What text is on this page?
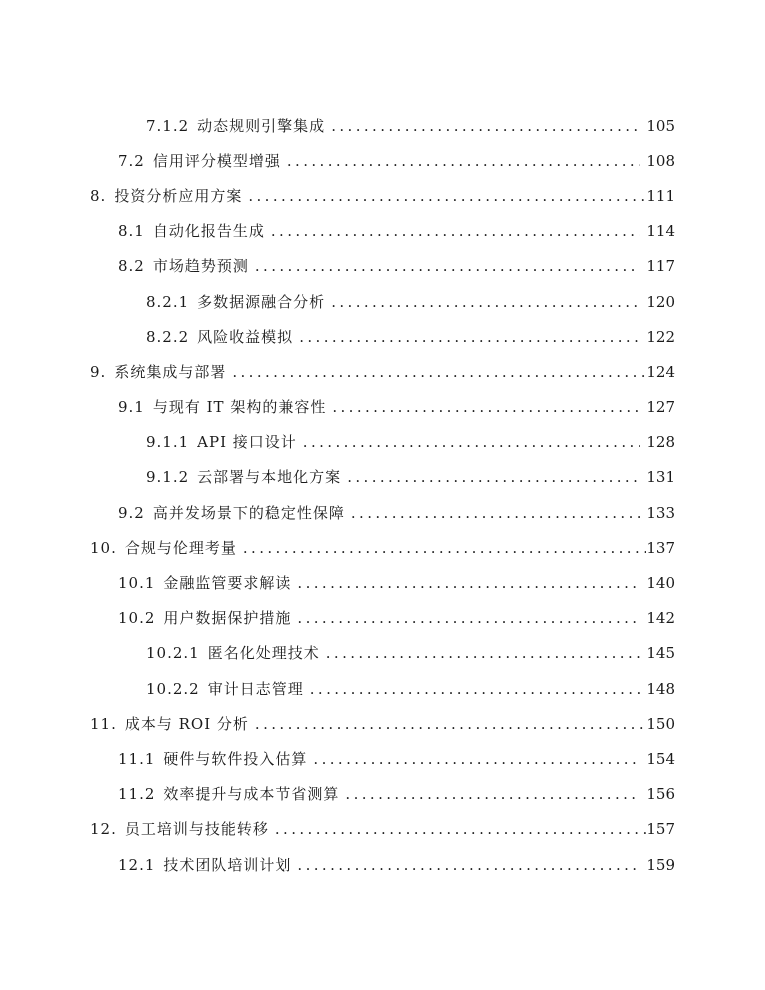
7.1.2 动态规则引擎集成 .....	105
7.2 信用评分模型增强 .....	108
8. 投资分析应用方案 .....	111
8.1 自动化报告生成 .....	114
8.2 市场趋势预测 .....	117
8.2.1 多数据源融合分析 .....	120
8.2.2 风险收益模拟 .....	122
9. 系统集成与部署 .....	124
9.1 与现有 IT 架构的兼容性 .....	127
9.1.1 API 接口设计 .....	128
9.1.2 云部署与本地化方案 .....	131
9.2 高并发场景下的稳定性保障 .....	133
10. 合规与伦理考量 .....	137
10.1 金融监管要求解读 .....	140
10.2 用户数据保护措施 .....	142
10.2.1 匿名化处理技术 .....	145
10.2.2 审计日志管理 .....	148
11. 成本与 ROI 分析 .....	150
11.1 硬件与软件投入估算 .....	154
11.2 效率提升与成本节省测算 .....	156
12. 员工培训与技能转移 .....	157
12.1 技术团队培训计划 .....	159
